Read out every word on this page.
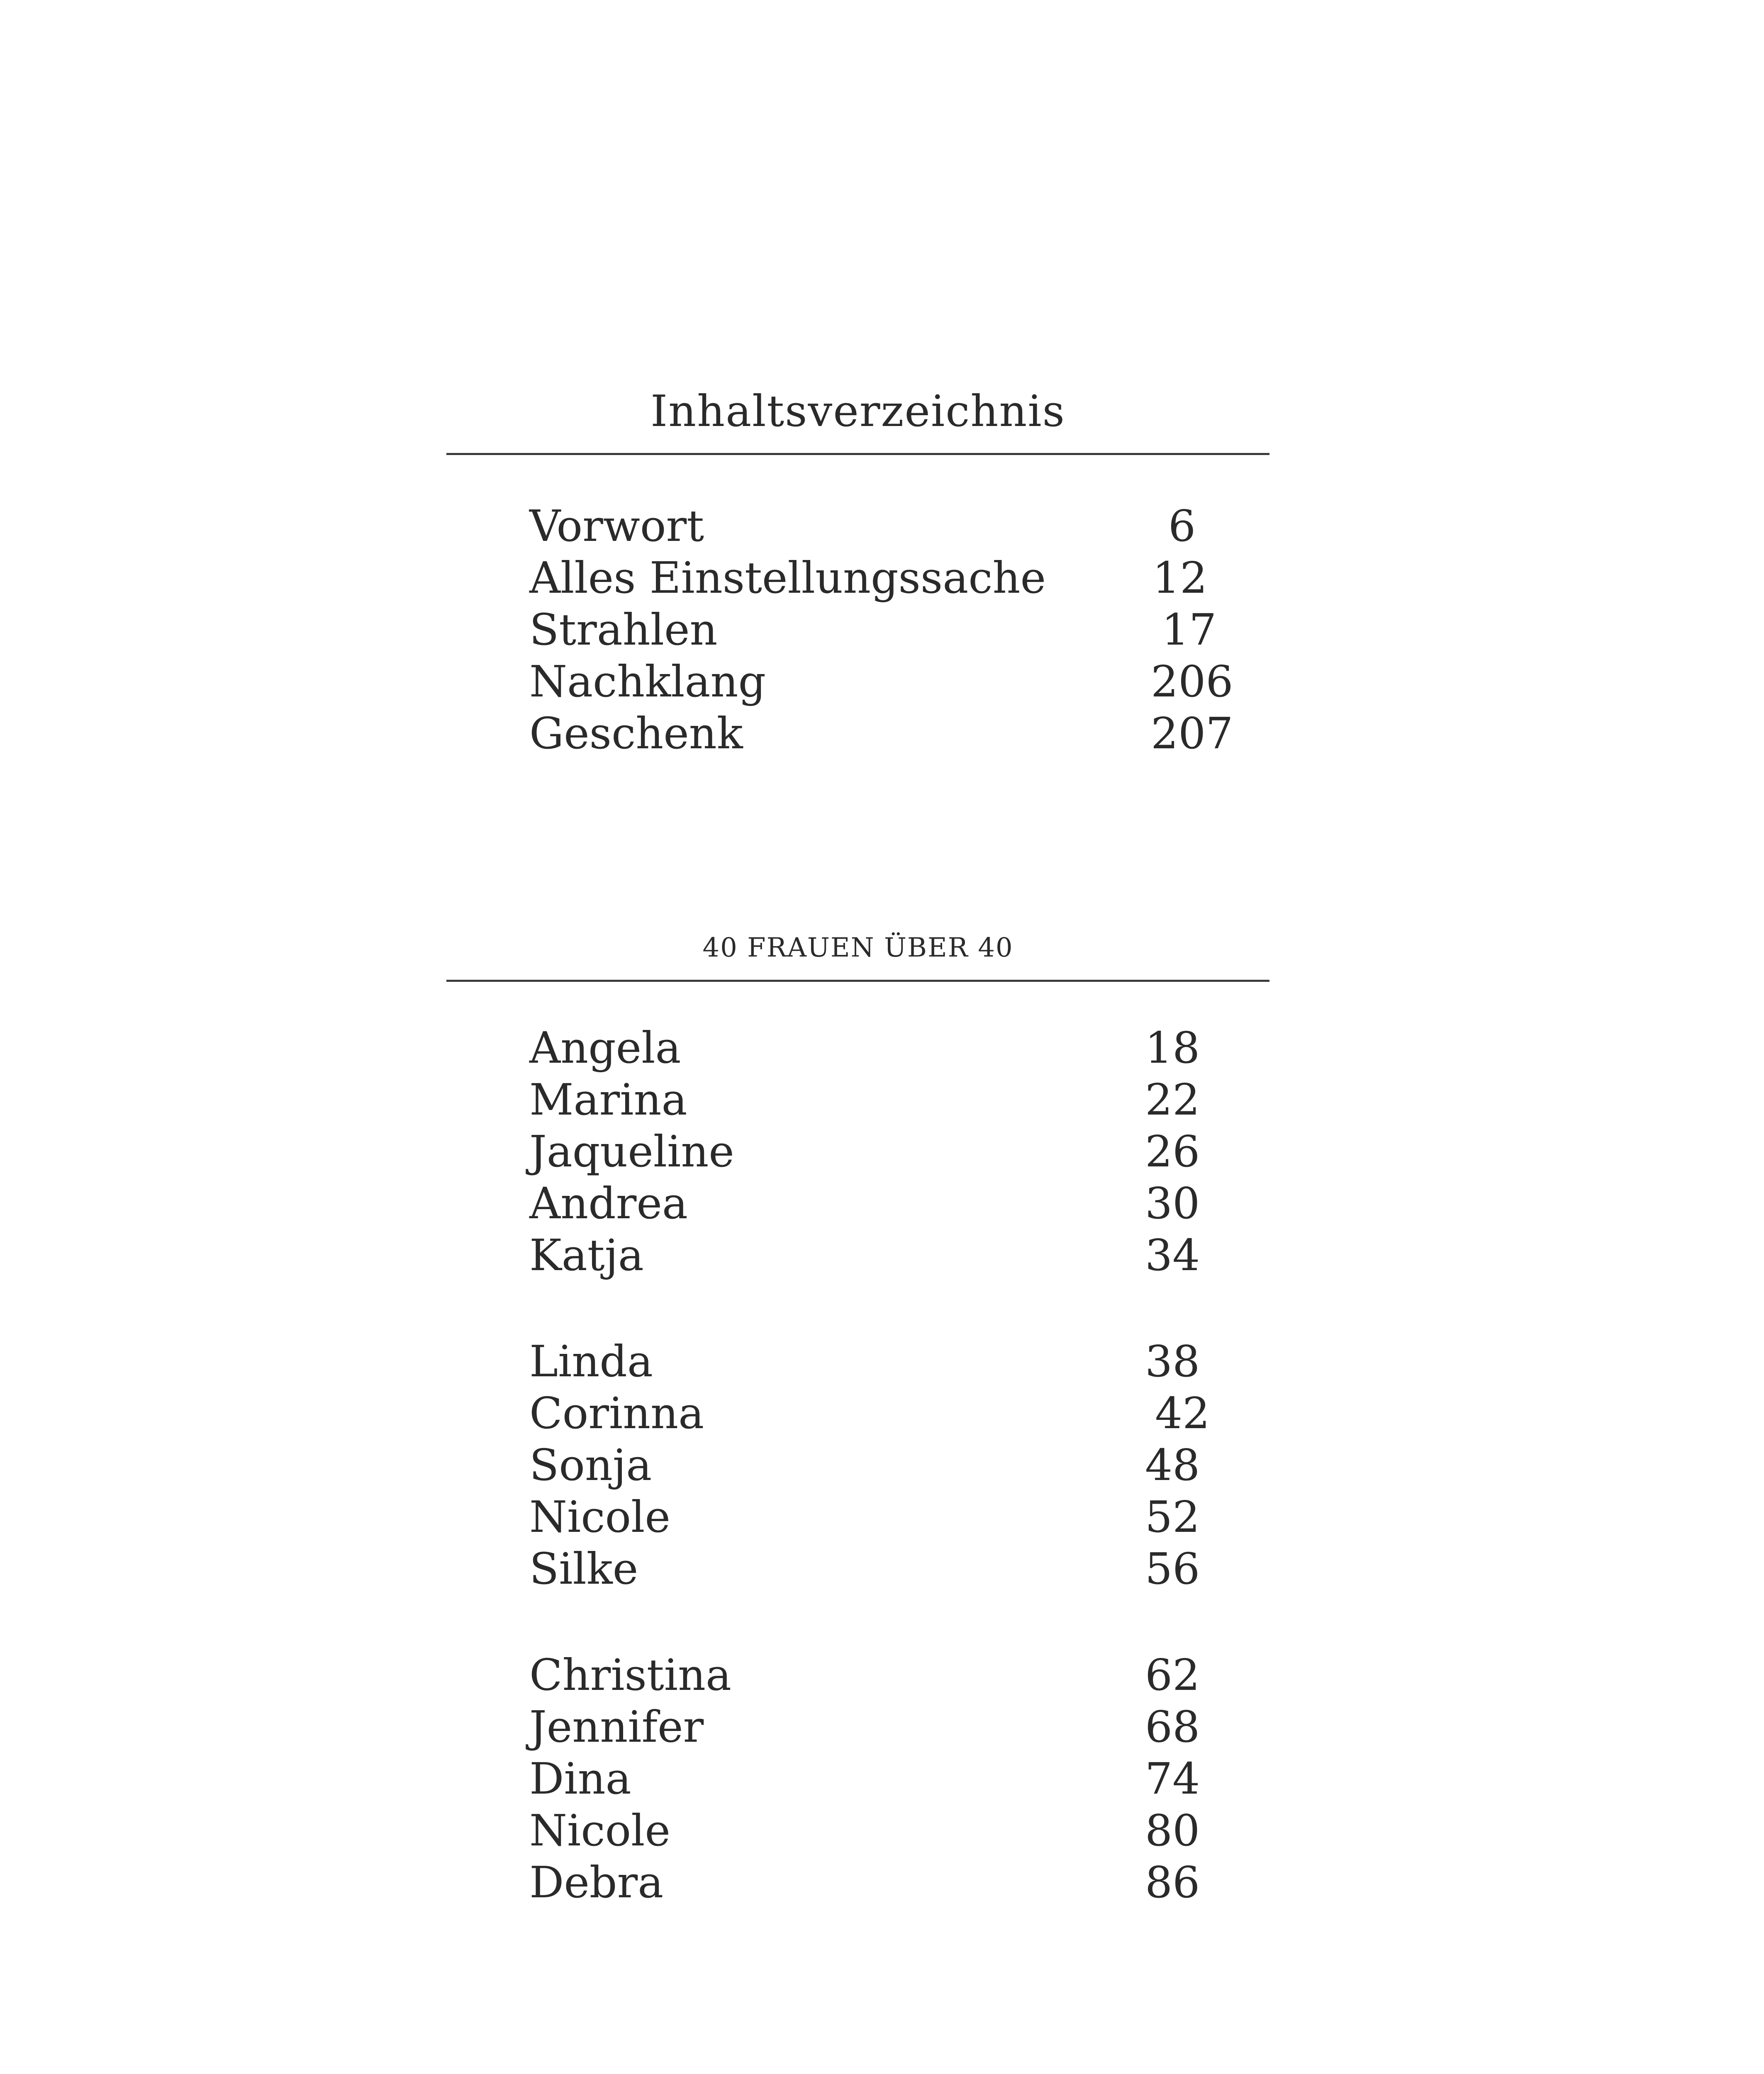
Inhaltsverzeichnis
Vorwort	6
Alles Einstellungssache 12
Strahlen	17
Nachklang	206
Geschenk	207
40 FRAUEN ÜBER 40
Angela	18
Marina	22
Jaqueline	26
Andrea	30
Katja	34
Linda	38
Corinna	42
Sonja	48
Nicole	52
Silke	56
Christina	62
Jennifer	68
Dina	74
Nicole	80
Debra	86
